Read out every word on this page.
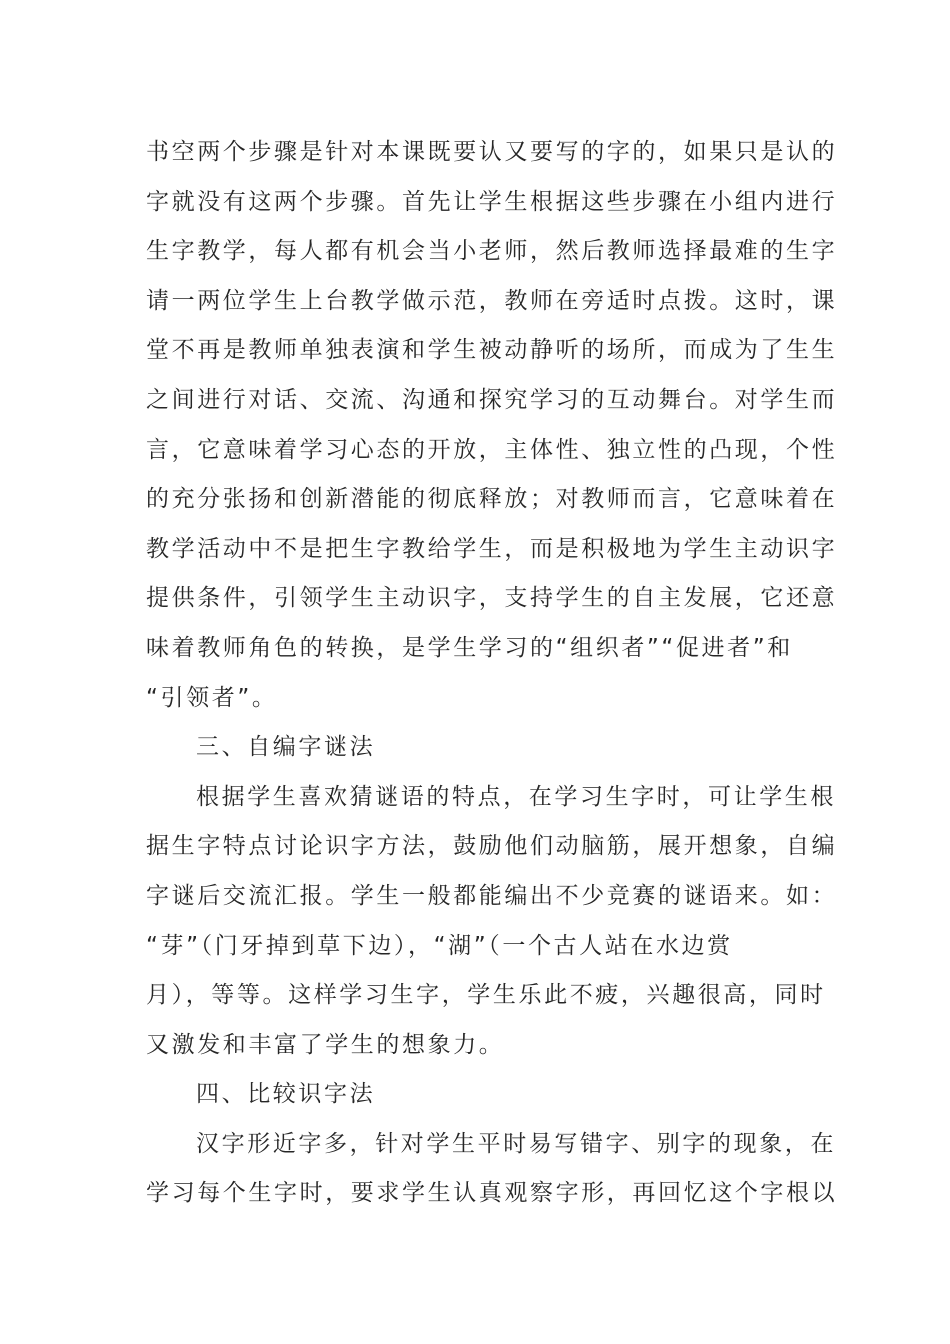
书空两个步骤是针对本课既要认又要写的字的，如果只是认的
字就没有这两个步骤。首先让学生根据这些步骤在小组内进行
生字教学，每人都有机会当小老师，然后教师选择最难的生字
请一两位学生上台教学做示范，教师在旁适时点拨。这时，课
堂不再是教师单独表演和学生被动静听的场所，而成为了生生
之间进行对话、交流、沟通和探究学习的互动舞台。对学生而
言，它意味着学习心态的开放，主体性、独立性的凸现，个性
的充分张扬和创新潜能的彻底释放；对教师而言，它意味着在
教学活动中不是把生字教给学生，而是积极地为学生主动识字
提供条件，引领学生主动识字，支持学生的自主发展，它还意
味着教师角色的转换，是学生学习的“组织者”“促进者”和
“引领者”。
三、自编字谜法
根据学生喜欢猜谜语的特点，在学习生字时，可让学生根
据生字特点讨论识字方法，鼓励他们动脑筋，展开想象，自编
字谜后交流汇报。学生一般都能编出不少竞赛的谜语来。如：
“芽”（门牙掉到草下边），“湖”（一个古人站在水边赏
月），等等。这样学习生字，学生乐此不疲，兴趣很高，同时
又激发和丰富了学生的想象力。
四、比较识字法
汉字形近字多，针对学生平时易写错字、别字的现象，在
学习每个生字时，要求学生认真观察字形，再回忆这个字根以
